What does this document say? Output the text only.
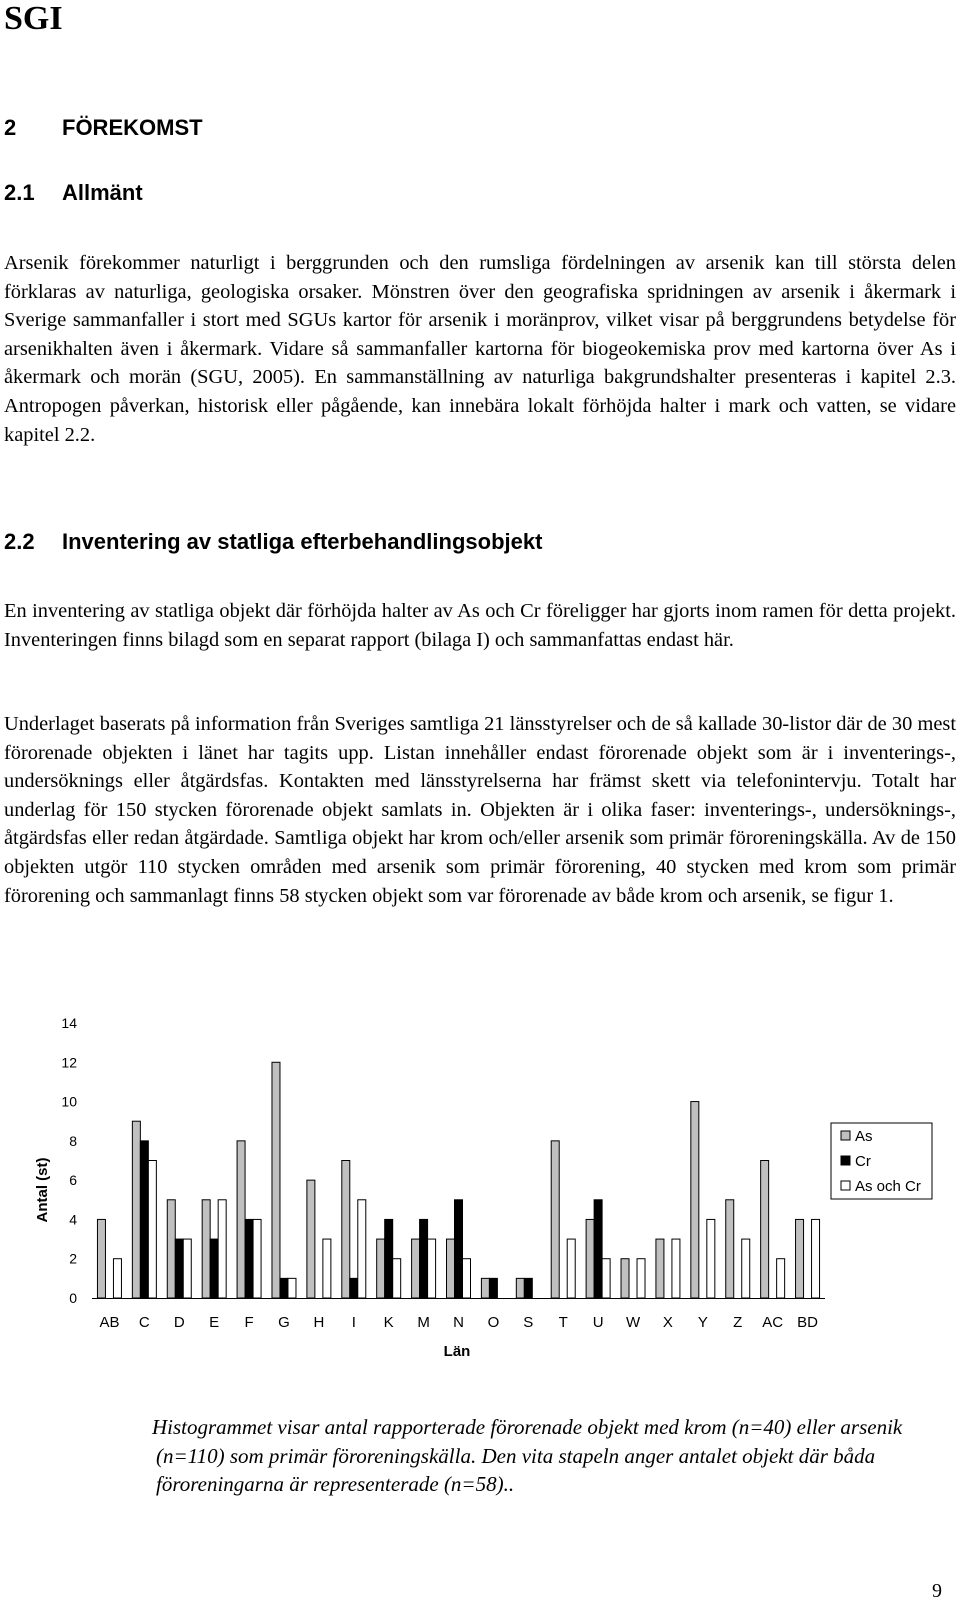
SGI
2 FÖREKOMST
2.1 Allmänt

Arsenik förekommer naturligt i berggrunden och den rumsliga fördelningen av arsenik kan till största delen förklaras av naturliga, geologiska orsaker. Mönstren över den geografiska spridningen av arsenik i åkermark i Sverige sammanfaller i stort med SGUs kartor för arsenik i moränprov, vilket visar på berggrundens betydelse för arsenikhalten även i åkermark. Vidare så sammanfaller kartorna för biogeokemiska prov med kartorna över As i åkermark och morän (SGU, 2005). En sammanställning av naturliga bakgrundshalter presenteras i kapitel 2.3. Antropogen påverkan, historisk eller pågående, kan innebära lokalt förhöjda halter i mark och vatten, se vidare kapitel 2.2.

2.2 Inventering av statliga efterbehandlingsobjekt

En inventering av statliga objekt där förhöjda halter av As och Cr föreligger har gjorts inom ramen för detta projekt. Inventeringen finns bilagd som en separat rapport (bilaga I) och sammanfattas endast här.

Underlaget baserats på information från Sveriges samtliga 21 länsstyrelser och de så kallade 30-listor där de 30 mest förorenade objekten i länet har tagits upp. Listan innehåller endast förorenade objekt som är i inventerings-, undersöknings eller åtgärdsfas. Kontakten med länsstyrelserna har främst skett via telefonintervju. Totalt har underlag för 150 stycken förorenade objekt samlats in. Objekten är i olika faser: inventerings-, undersöknings-, åtgärdsfas eller redan åtgärdade. Samtliga objekt har krom och/eller arsenik som primär föroreningskälla. Av de 150 objekten utgör 110 stycken områden med arsenik som primär förorening, 40 stycken med krom som primär förorening och sammanlagt finns 58 stycken objekt som var förorenade av både krom och arsenik, se figur 1.

0
2
4
6
8
10
12
14
AB C D E F G H I K M N O S T U W X Y Z AC BD
Antal (st)
Län
As
Cr
As och Cr
Histogrammet visar antal rapporterade förorenade objekt med krom (n=40) eller arsenik (n=110) som primär föroreningskälla. Den vita stapeln anger antalet objekt där båda föroreningarna är representerade (n=58)..
9
